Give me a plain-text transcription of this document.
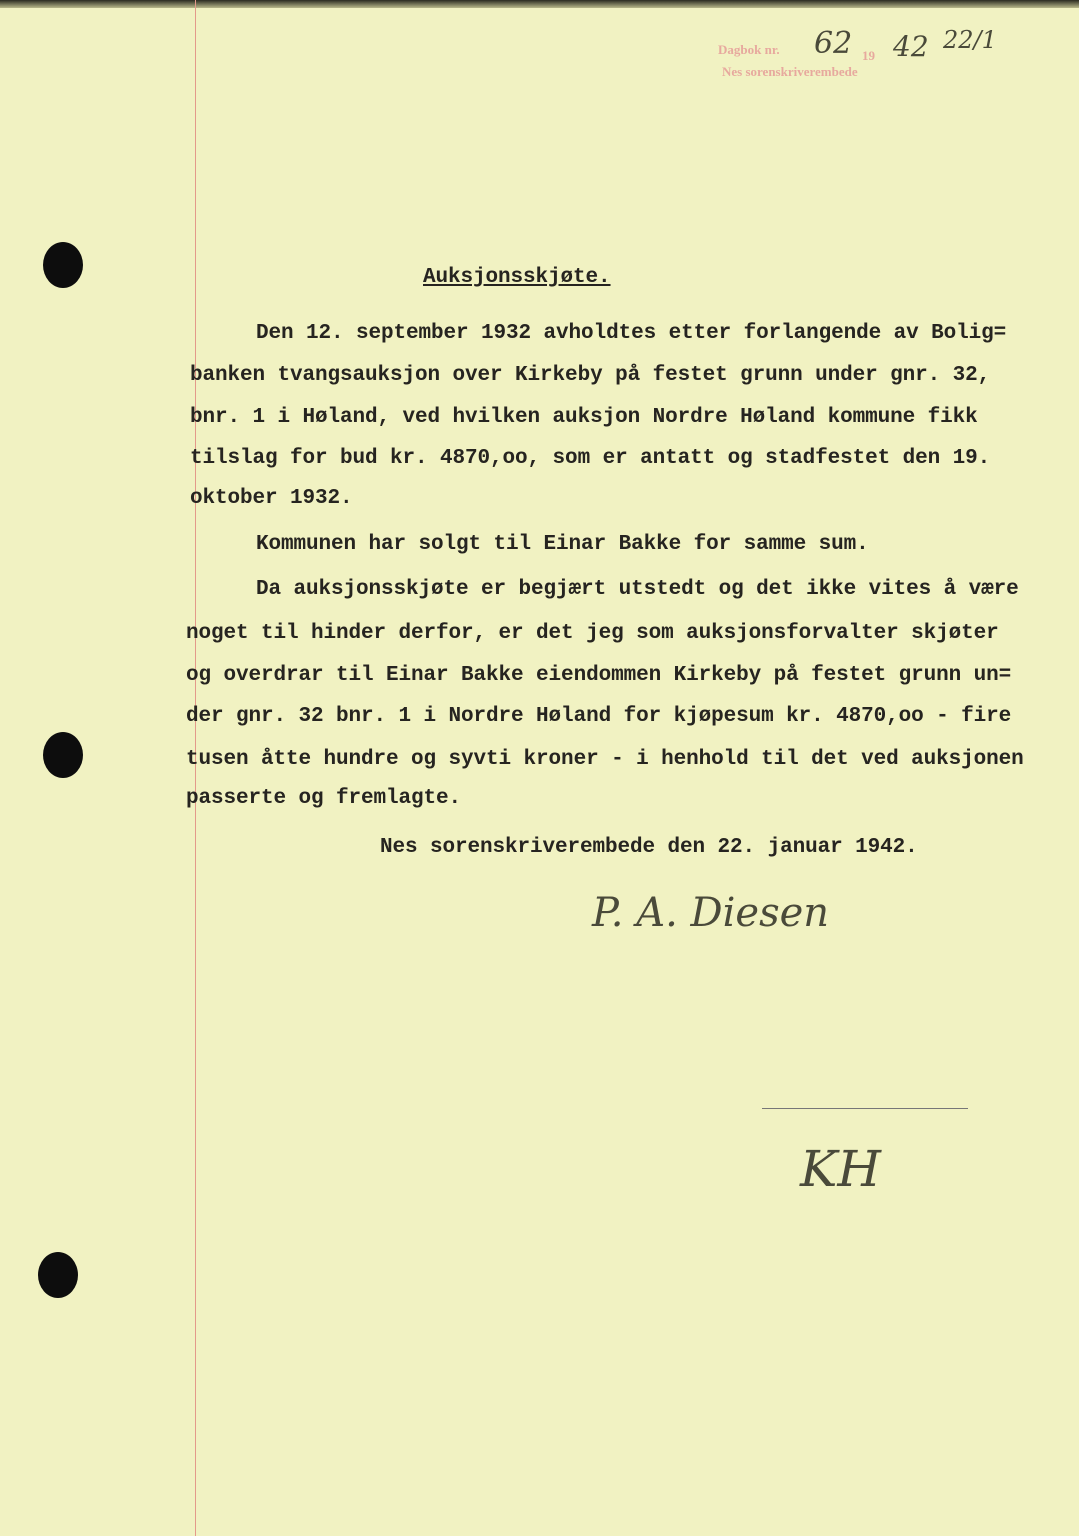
Dagbok nr.	19
Nes sorenskriverembede
62 42 22/1
Auksjonsskjøte.
Den 12. september 1932 avholdtes etter forlangende av Bolig=
banken tvangsauksjon over Kirkeby på festet grunn under gnr. 32,
bnr. 1 i Høland, ved hvilken auksjon Nordre Høland kommune fikk
tilslag for bud kr. 4870,oo, som er antatt og stadfestet den 19.
oktober 1932.
Kommunen har solgt til Einar Bakke for samme sum.
Da auksjonsskjøte er begjært utstedt og det ikke vites å være
noget til hinder derfor, er det jeg som auksjonsforvalter skjøter
og overdrar til Einar Bakke eiendommen Kirkeby på festet grunn un=
der gnr. 32 bnr. 1 i Nordre Høland for kjøpesum kr. 4870,oo - fire
tusen åtte hundre og syvti kroner - i henhold til det ved auksjonen
passerte og fremlagte.
Nes sorenskriverembede den 22. januar 1942.
P. A. Diesen
KH
